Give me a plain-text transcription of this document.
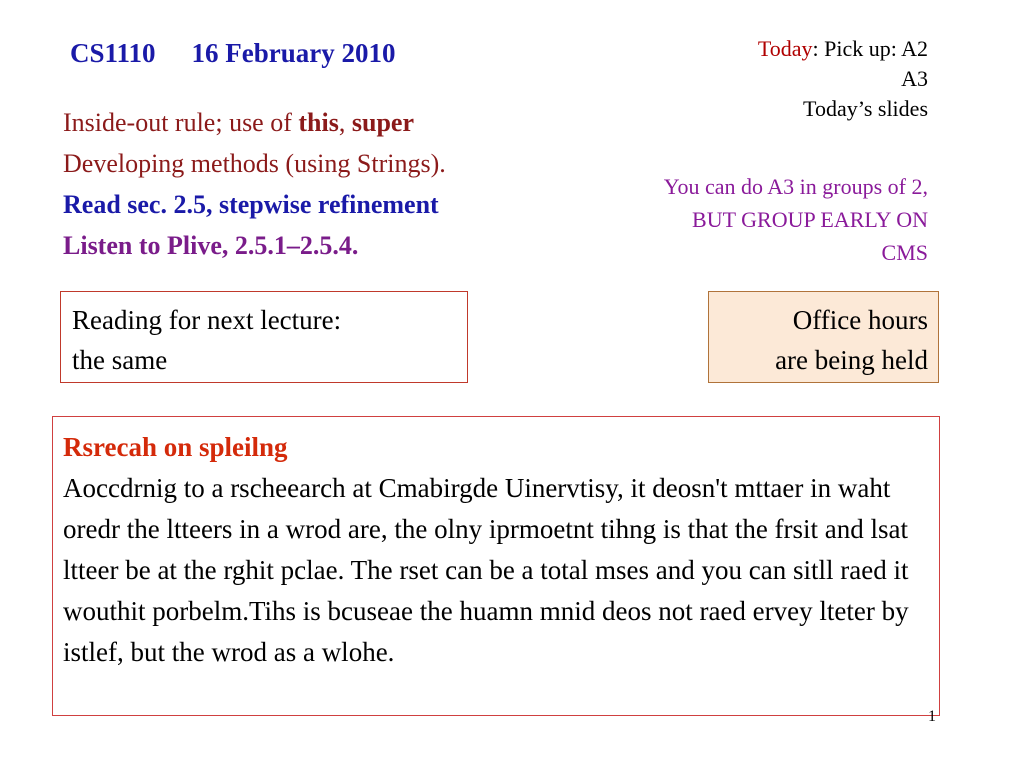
CS1110 16 February 2010	Today: Pick up: A2
A3
Today’s slides
Inside-out rule; use of this, super
Developing methods (using Strings).
Read sec. 2.5, stepwise refinement
Listen to Plive, 2.5.1–2.5.4.
You can do A3 in groups of 2,
BUT GROUP EARLY ON
CMS
Reading for next lecture:
the same
Office hours
are being held
Rsrecah on spleilng
Aoccdrnig to a rscheearch at Cmabirgde Uinervtisy, it deosn't mttaer in waht oredr the ltteers in a wrod are, the olny iprmoetnt tihng is that the frsit and lsat ltteer be at the rghit pclae. The rset can be a total mses and you can sitll raed it wouthit porbelm.Tihs is bcuseae the huamn mnid deos not raed ervey lteter by istlef, but the wrod as a wlohe.
1
